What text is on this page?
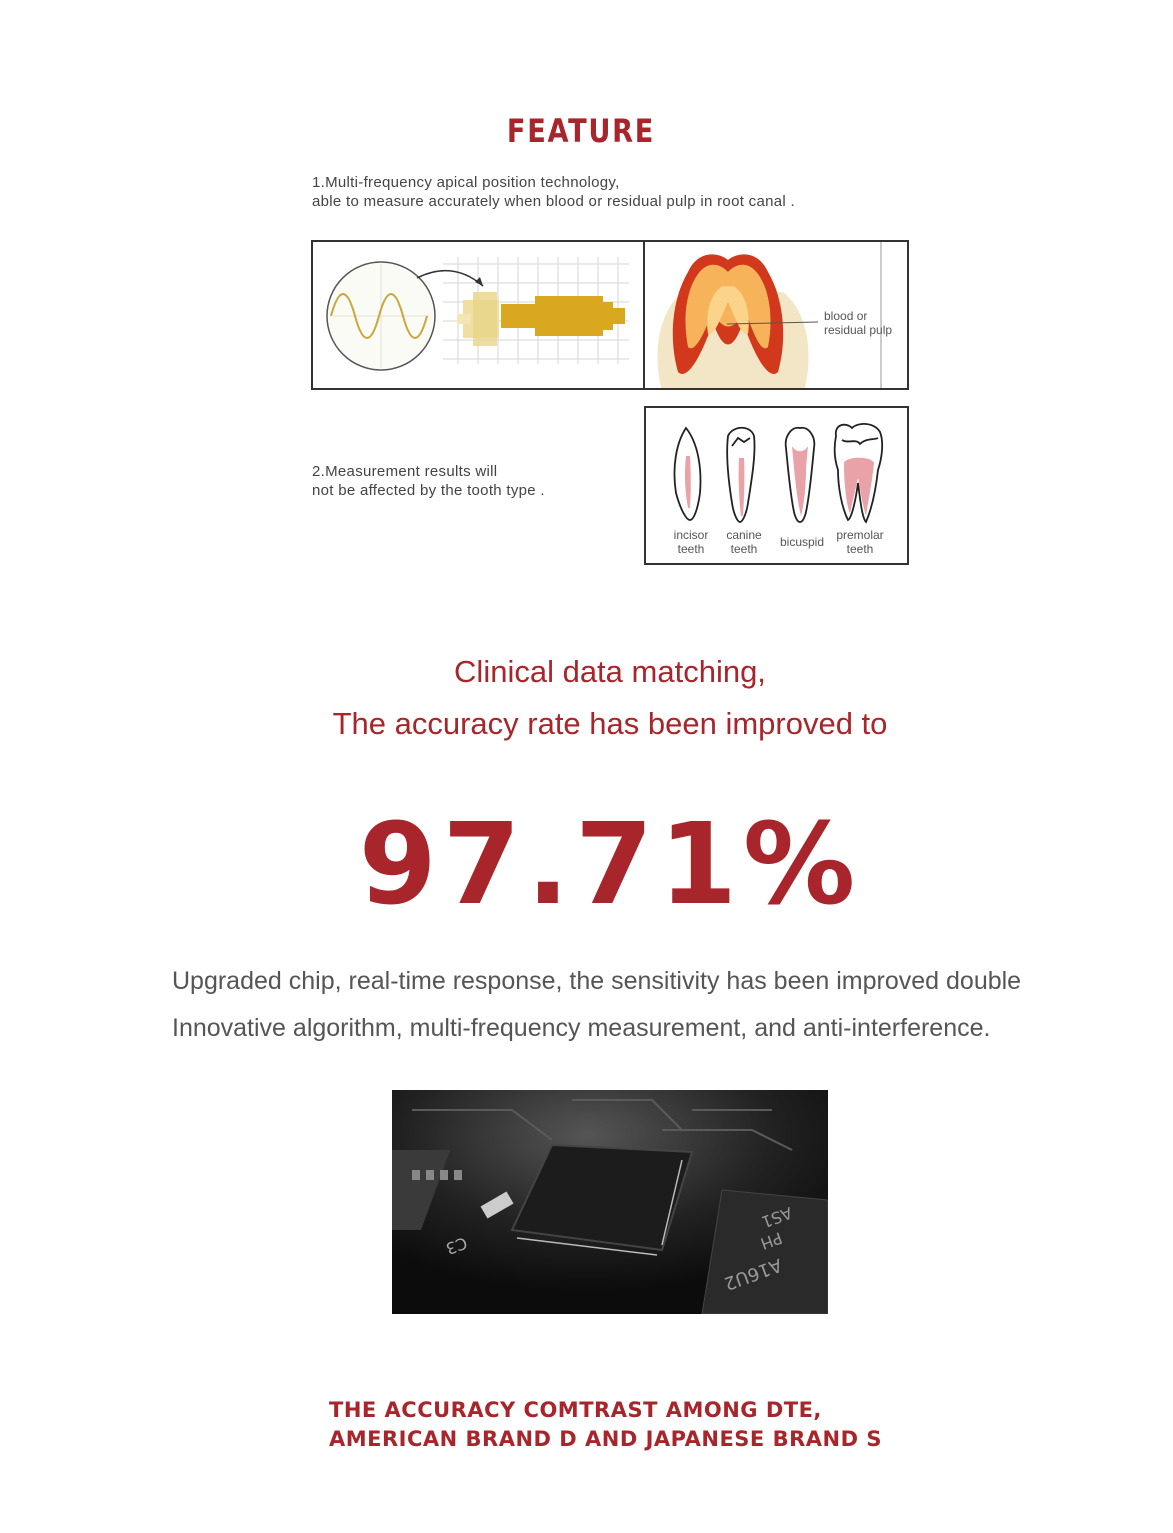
FEATURE
1.Multi-frequency apical position technology,
able to measure accurately when blood or residual pulp in root canal .
blood or
residual pulp
2.Measurement results will
not be affected by the tooth type .
incisor
teeth
canine
teeth	bicuspid	premolar
teeth
Clinical data matching,
The accuracy rate has been improved to
97.71%
Upgraded chip, real-time response, the sensitivity has been improved double
Innovative algorithm, multi-frequency measurement, and anti-interference.
C3
A16U2
PH
AS1
THE ACCURACY COMTRAST AMONG DTE,
AMERICAN BRAND D AND JAPANESE BRAND S
